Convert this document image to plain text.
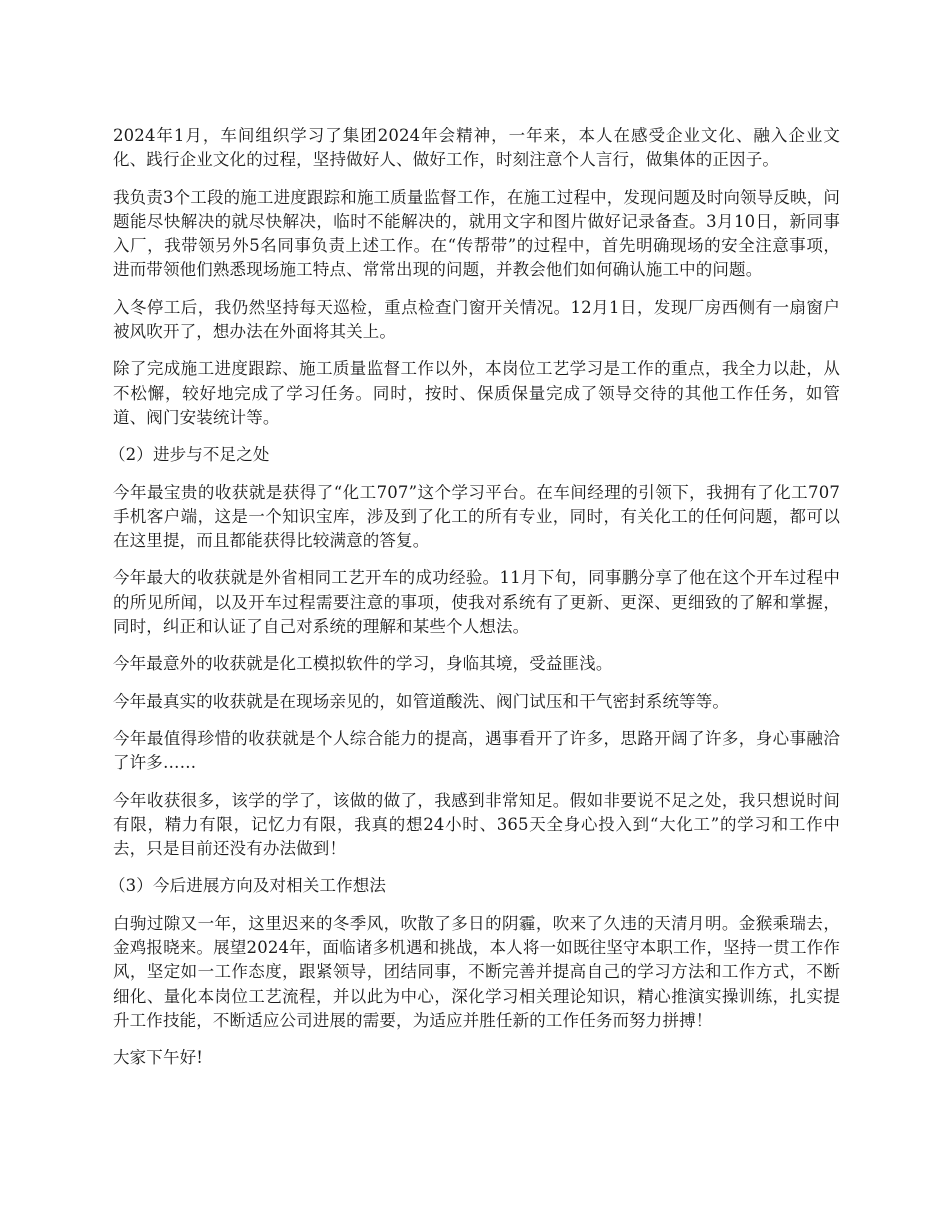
2024年1月，车间组织学习了集团2024年会精神，一年来，本人在感受企业文化、融入企业文化、践行企业文化的过程，坚持做好人、做好工作，时刻注意个人言行，做集体的正因子。

我负责3个工段的施工进度跟踪和施工质量监督工作，在施工过程中，发现问题及时向领导反映，问题能尽快解决的就尽快解决，临时不能解决的，就用文字和图片做好记录备查。3月10日，新同事入厂，我带领另外5名同事负责上述工作。在“传帮带”的过程中，首先明确现场的安全注意事项，进而带领他们熟悉现场施工特点、常常出现的问题，并教会他们如何确认施工中的问题。

入冬停工后，我仍然坚持每天巡检，重点检查门窗开关情况。12月1日，发现厂房西侧有一扇窗户被风吹开了，想办法在外面将其关上。

除了完成施工进度跟踪、施工质量监督工作以外，本岗位工艺学习是工作的重点，我全力以赴，从不松懈，较好地完成了学习任务。同时，按时、保质保量完成了领导交待的其他工作任务，如管道、阀门安装统计等。

（2）进步与不足之处

今年最宝贵的收获就是获得了“化工707”这个学习平台。在车间经理的引领下，我拥有了化工707手机客户端，这是一个知识宝库，涉及到了化工的所有专业，同时，有关化工的任何问题，都可以在这里提，而且都能获得比较满意的答复。

今年最大的收获就是外省相同工艺开车的成功经验。11月下旬，同事鹏分享了他在这个开车过程中的所见所闻，以及开车过程需要注意的事项，使我对系统有了更新、更深、更细致的了解和掌握，同时，纠正和认证了自己对系统的理解和某些个人想法。

今年最意外的收获就是化工模拟软件的学习，身临其境，受益匪浅。

今年最真实的收获就是在现场亲见的，如管道酸洗、阀门试压和干气密封系统等等。

今年最值得珍惜的收获就是个人综合能力的提高，遇事看开了许多，思路开阔了许多，身心事融洽了许多……

今年收获很多，该学的学了，该做的做了，我感到非常知足。假如非要说不足之处，我只想说时间有限，精力有限，记忆力有限，我真的想24小时、365天全身心投入到“大化工”的学习和工作中去，只是目前还没有办法做到！

（3）今后进展方向及对相关工作想法

白驹过隙又一年，这里迟来的冬季风，吹散了多日的阴霾，吹来了久违的天清月明。金猴乘瑞去，金鸡报晓来。展望2024年，面临诸多机遇和挑战，本人将一如既往坚守本职工作，坚持一贯工作作风，坚定如一工作态度，跟紧领导，团结同事，不断完善并提高自己的学习方法和工作方式，不断细化、量化本岗位工艺流程，并以此为中心，深化学习相关理论知识，精心推演实操训练，扎实提升工作技能，不断适应公司进展的需要，为适应并胜任新的工作任务而努力拼搏！

大家下午好!
